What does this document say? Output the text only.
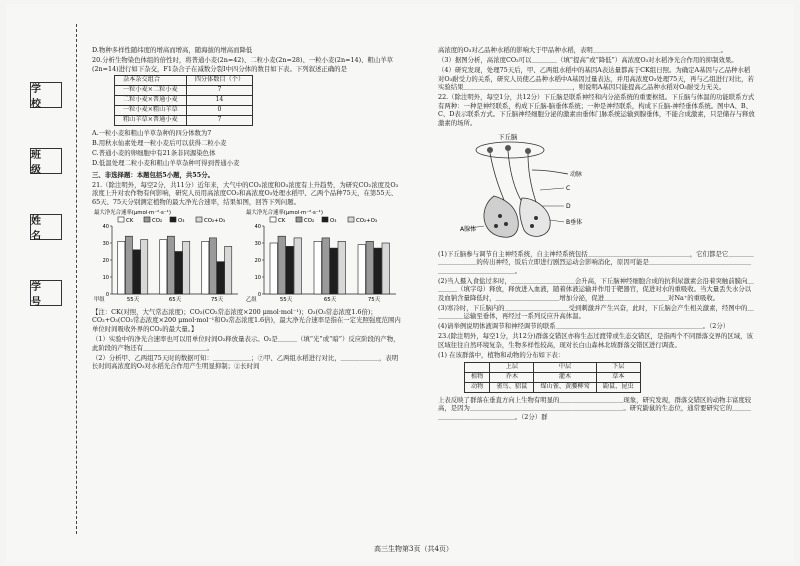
学 校
班 级
姓 名
学 号

D.物种多样性随纬度的增高而增高，随海拔的增高而降低

20.分析生物染色体组的倍性时，将普通小麦(2n=42)、二粒小麦(2n=28)、一粒小麦(2n=14)、粗山羊草(2n=14)进行如下杂交，F1杂合子在减数分裂Ⅰ中四分体的数目如下表。下列叙述正确的是

杂本杂交组合	四分体数目（个）
一粒小麦×二粒小麦	7
二粒小麦×普通小麦	14
一粒小麦×粗山羊草	0
粗山羊草×普通小麦	7

A.一粒小麦和粗山羊草杂种的四分体数为7

B.用秋水仙素处理一粒小麦后可以获得二粒小麦

C.普通小麦的卵细胞中有21条非同源染色体

D.低温处理二粒小麦和粗山羊草杂种可得到普通小麦

三、非选择题：本题包括5小题，共55分。

21.（除注明外，每空2分，共11分）近年来，大气中的CO₂浓度和O₃浓度有上升趋势，为研究CO₂浓度及O₃浓度上升对农作物有何影响，研究人员用高浓度CO₂和高浓度O₃处理水稻甲、乙两个品种75天，在第55天、65天、75天分别测定植物的最大净光合速率，结果如图，回答下列问题。

最大净光合速率(μmol·m⁻²·s⁻¹)
CK	CO₂	O₃	CO₂+O₃
0
10
20
30
40
55天	65天	75天
甲组

最大净光合速率(μmol·m⁻²·s⁻¹)
CK	CO₂	O₃	CO₂+O₃
0
10
20
30
40
55天	65天	75天
乙组

【注：CK(对照，大气常态浓度)；CO₂(CO₂常态浓度×200 μmol·mol⁻¹)；O₃(O₃常态浓度1.6倍)；CO₂+O₃(CO₂常态浓度×200 μmol·mol⁻¹和O₃常态浓度1.6倍)，最大净光合速率是指在一定光照强度范围内单位时间吸收外界的CO₂的最大量。】

（1）实验中的净光合速率也可以用单位时间O₂释放量表示。O₂是＿＿＿（填“光”或“暗”）反应阶段的产物，此阶段的产物还有＿＿＿＿＿＿＿＿＿＿。

（2）分析甲、乙两组75天时的数据可知：＿＿＿＿＿＿；⑦甲、乙两组水稻进行对比，＿＿＿＿＿＿，表明长时间高浓度的O₃对水稻光合作用产生明显抑制；②长时间

高浓度的O₃对乙品种水稻的影响大于甲品种水稻，表明＿＿＿＿＿＿＿＿＿＿＿＿＿＿＿＿＿＿＿＿。

（3）据图分析，高浓度CO₂可以＿＿＿＿（填“提高”或“降低”）高浓度O₃对水稻净光合作用的抑制效果。

（4）研究发现，处理75天后，甲、乙两组水稻中的基因A表达量都高于CK组日照。为确定A基因与乙品种水稻对O₃耐受力的关系，研究人员使乙品种水稻中A基因过量表达，并用高浓度O₃处理75天，再与乙组进行对比，若实验结果＿＿＿＿＿＿＿＿＿＿＿＿＿＿＿＿＿，则说明A基因只能提高乙品种水稻对O₃耐受力无关。

22.（除注明外，每空1分，共12分）下丘脑是联系神经和内分泌系统的重要枢纽。下丘脑与体温的功能联系方式有两种：一种是神经联系，构成下丘脑-脑垂体系统；一种是神经联系，构成下丘脑-神经垂体系统。图中A、B、C、D表示联系方式。下丘脑神经细胞分泌的激素由垂体门脉系统运输到腺垂体，不能合成激素，只是储存与释放激素的场所。

下丘脑
动脉
A腺体
B垂体
C
D

(1)下丘脑参与调节自主神经系统，自主神经系统包括＿＿＿＿＿＿＿＿＿＿＿＿＿＿＿＿，它们都是它＿＿＿＿＿＿＿＿＿＿的传出神经，饭后立即进行剧烈运动会影响消化，原因可能是＿＿＿＿＿＿＿＿＿＿＿＿＿＿＿＿＿＿＿＿＿＿＿＿＿＿＿＿。

(2)当人摄入食盐过多时，＿＿＿＿＿＿＿＿＿＿会升高，下丘脑神经细胞合成的抗利尿激素会沿着突触前膜向＿＿＿＿（填字母）释放，释放进入血液，随着体液运输并作用于靶器官，促进对水的重吸收。当大量丢失水分以及血钠含量降低时，＿＿＿＿＿＿＿＿＿＿增加分泌，促进＿＿＿＿＿＿＿＿＿＿对Na⁺的重吸收。

(3)寒冷时，下丘脑内的＿＿＿＿＿＿＿＿＿＿受到刺激并产生兴奋，此时，下丘脑会产生相关激素，经图中的＿＿＿＿＿运输至垂体，再经过一系列反应升高体温。

(4)请举例说明体液调节和神经调节的联系＿＿＿＿＿＿＿＿＿＿＿＿＿＿＿＿＿＿＿＿＿＿＿。（2分）

23.(除注明外，每空1分，共12分)群落交错区亦称生态过渡带或生态交错区，是指两个不同群落交界的区域，该区域往往自然环境复杂，生物多样性较高，现对长白山森林北坡群落交错区进行调查。

(1) 在该群落中，植物和动物的分布如下表：

	上层	中层	下层
植物	乔木	灌木	草本
动物	雀鸟、貂鼠	煤山雀、黄腰柳莺	鼢鼠、昆虫

上表反映了群落在垂直方向上生物有明显的＿＿＿＿＿＿＿＿＿＿现象，研究发现，群落交错区的动物丰富度较高，是因为＿＿＿＿＿＿＿＿＿＿＿＿＿＿＿＿＿＿＿＿＿＿＿＿。研究鼢鼠的生态位，通常要研究它的＿＿＿＿＿＿＿＿＿＿＿＿＿＿＿。（2分）群

高三生物第3页（共4页）
